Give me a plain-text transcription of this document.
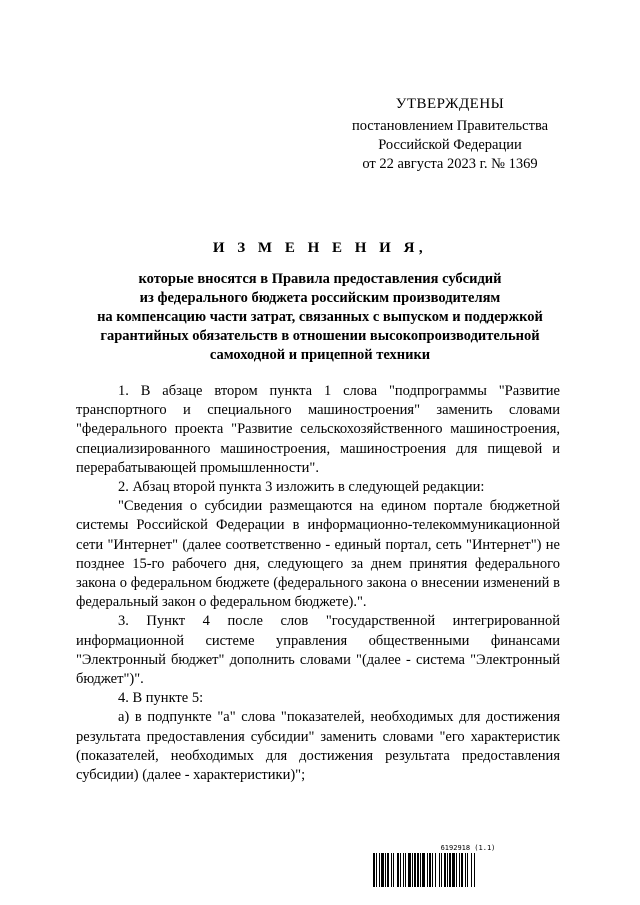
УТВЕРЖДЕНЫ
постановлением Правительства
Российской Федерации
от 22 августа 2023 г. № 1369
И З М Е Н Е Н И Я,
которые вносятся в Правила предоставления субсидий
из федерального бюджета российским производителям
на компенсацию части затрат, связанных с выпуском и поддержкой
гарантийных обязательств в отношении высокопроизводительной
самоходной и прицепной техники

1. В абзаце втором пункта 1 слова "подпрограммы "Развитие транспортного и специального машиностроения" заменить словами "федерального проекта "Развитие сельскохозяйственного машиностроения, специализированного машиностроения, машиностроения для пищевой и перерабатывающей промышленности".

2. Абзац второй пункта 3 изложить в следующей редакции:

"Сведения о субсидии размещаются на едином портале бюджетной системы Российской Федерации в информационно-телекоммуникационной сети "Интернет" (далее соответственно - единый портал, сеть "Интернет") не позднее 15-го рабочего дня, следующего за днем принятия федерального закона о федеральном бюджете (федерального закона о внесении изменений в федеральный закон о федеральном бюджете).".

3. Пункт 4 после слов "государственной интегрированной информационной системе управления общественными финансами "Электронный бюджет" дополнить словами "(далее - система "Электронный бюджет")".

4. В пункте 5:

а) в подпункте "а" слова "показателей, необходимых для достижения результата предоставления субсидии" заменить словами "его характеристик (показателей, необходимых для достижения результата предоставления субсидии) (далее - характеристики)";

6192918 (1.1)
